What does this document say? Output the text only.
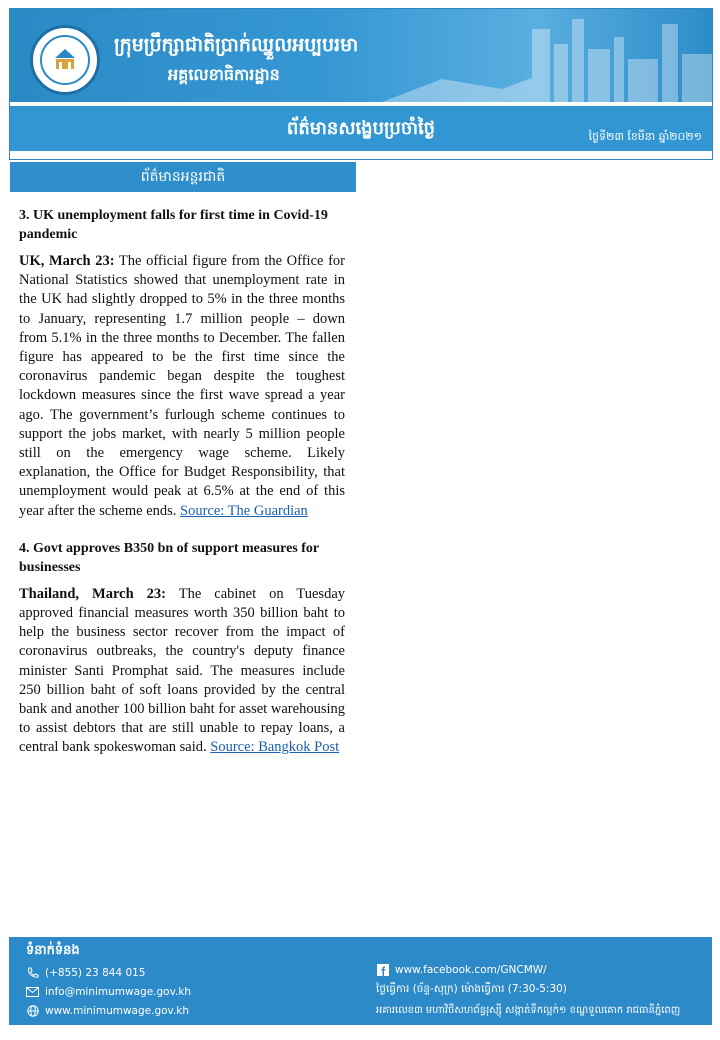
ក្រុមប្រឹក្សាជាតិប្រាក់ឈ្នួលអប្បបរមា
អគ្គលេខាធិការដ្ឋាន
ព័ត៌មានសង្ខេបប្រចាំថ្ងៃ	ថ្ងៃទី២៣ ខែមីនា ឆ្នាំ២០២១
ព័ត៌មានអន្តរជាតិ

3. UK unemployment falls for first time in Covid-19 pandemic

UK, March 23: The official figure from the Office for National Statistics showed that unemployment rate in the UK had slightly dropped to 5% in the three months to January, representing 1.7 million people – down from 5.1% in the three months to December. The fallen figure has appeared to be the first time since the coronavirus pandemic began despite the toughest lockdown measures since the first wave spread a year ago. The government’s furlough scheme continues to support the jobs market, with nearly 5 million people still on the emergency wage scheme. Likely explanation, the Office for Budget Responsibility, that unemployment would peak at 6.5% at the end of this year after the scheme ends. Source: The Guardian

4. Govt approves B350 bn of support measures for businesses

Thailand, March 23: The cabinet on Tuesday approved financial measures worth 350 billion baht to help the business sector recover from the impact of coronavirus outbreaks, the country's deputy finance minister Santi Promphat said. The measures include 250 billion baht of soft loans provided by the central bank and another 100 billion baht for asset warehousing to assist debtors that are still unable to repay loans, a central bank spokeswoman said. Source: Bangkok Post

ទំនាក់ទំនង
(+855) 23 844 015
info@minimumwage.gov.kh
www.minimumwage.gov.kh
www.facebook.com/GNCMW/
ថ្ងៃធ្វើការ (ច័ន្ទ-សុក្រ) ម៉ោងធ្វើការ (7:30-5:30)
អគារលេខ៣ មហាវិថីសហព័ន្ធរុស្ស៊ី សង្កាត់ទឹកល្អក់១ ខណ្ឌទួលគោក រាជធានីភ្នំពេញ
